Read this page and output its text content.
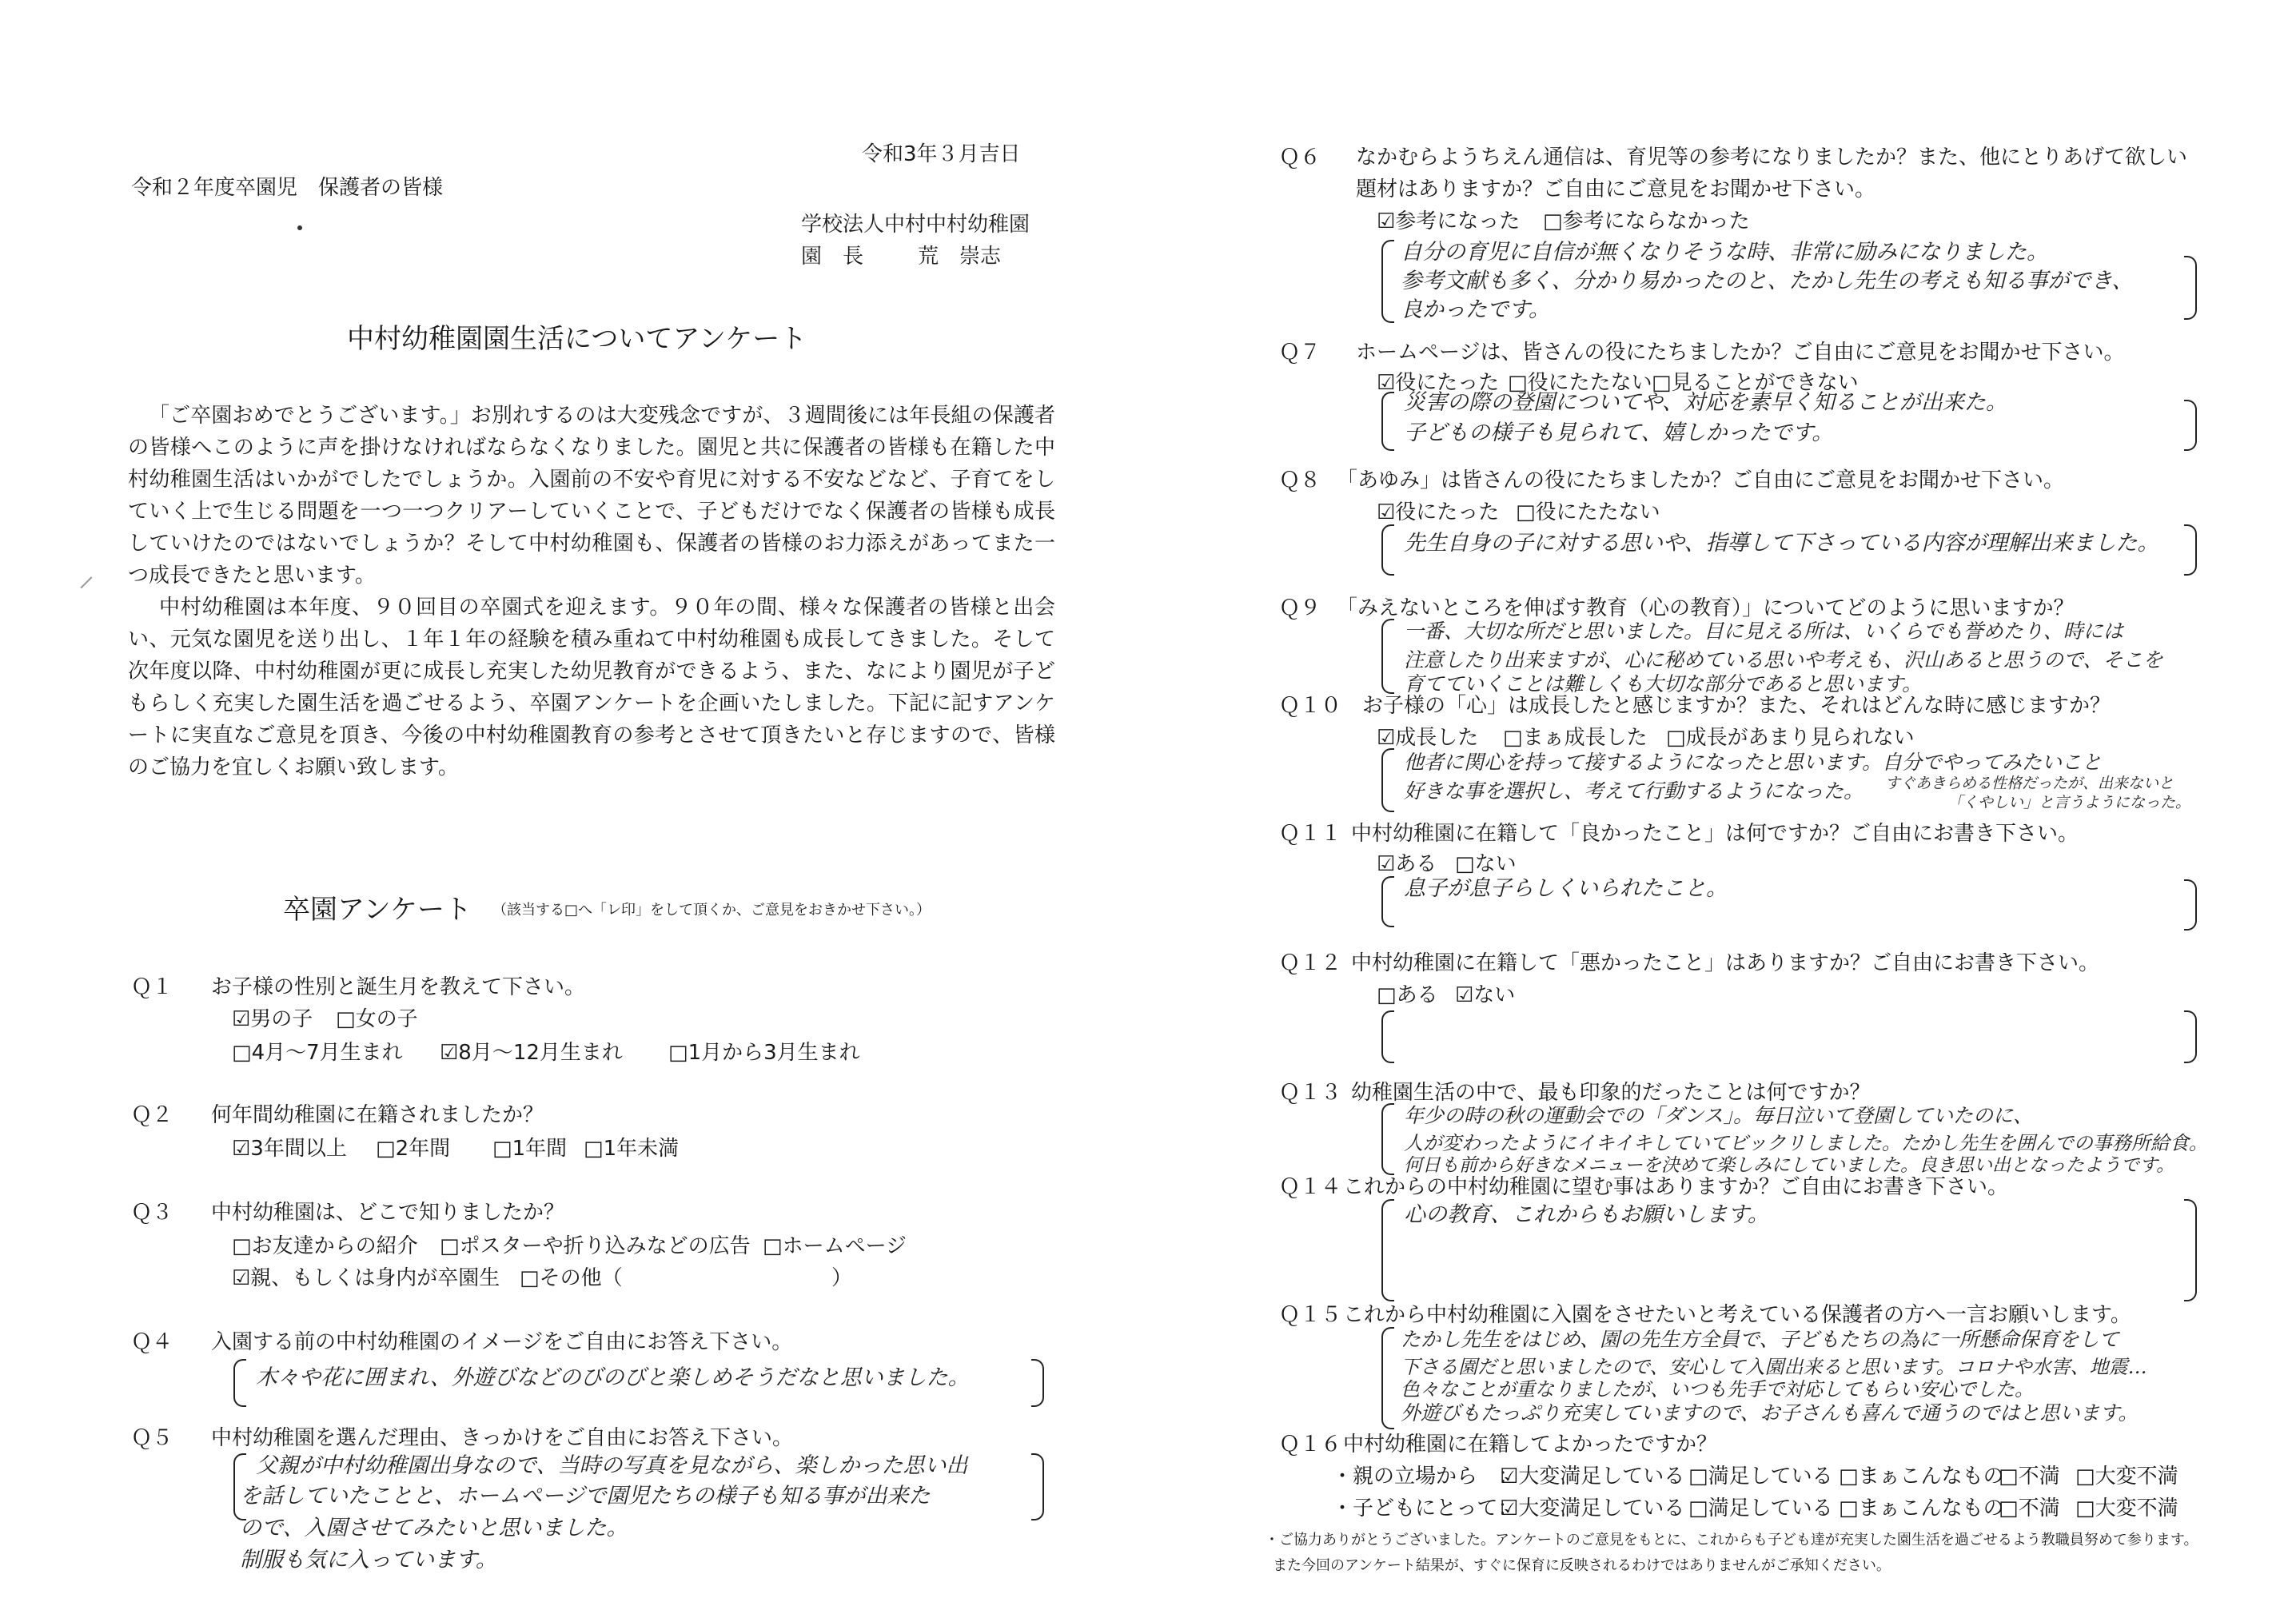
令和3年３月吉日
令和２年度卒園児　保護者の皆様
学校法人中村中村幼稚園
園　長	荒　崇志
中村幼稚園園生活についてアンケート
「ご卒園おめでとうございます。」お別れするのは大変残念ですが、３週間後には年長組の保護者の皆様へこのように声を掛けなければならなくなりました。園児と共に保護者の皆様も在籍した中村幼稚園生活はいかがでしたでしょうか。入園前の不安や育児に対する不安などなど、子育てをしていく上で生じる問題を一つ一つクリアーしていくことで、子どもだけでなく保護者の皆様も成長していけたのではないでしょうか？そして中村幼稚園も、保護者の皆様のお力添えがあってまた一つ成長できたと思います。
中村幼稚園は本年度、９０回目の卒園式を迎えます。９０年の間、様々な保護者の皆様と出会い、元気な園児を送り出し、１年１年の経験を積み重ねて中村幼稚園も成長してきました。そして次年度以降、中村幼稚園が更に成長し充実した幼児教育ができるよう、また、なにより園児が子どもらしく充実した園生活を過ごせるよう、卒園アンケートを企画いたしました。下記に記すアンケートに実直なご意見を頂き、今後の中村幼稚園教育の参考とさせて頂きたいと存じますので、皆様のご協力を宜しくお願い致します。
卒園アンケート （該当する□へ「レ印」をして頂くか、ご意見をおきかせ下さい。）
Ｑ１ お子様の性別と誕生月を教えて下さい。
☑男の子 □女の子
□4月～7月生まれ ☑8月～12月生まれ □1月から3月生まれ
Ｑ２ 何年間幼稚園に在籍されましたか？
☑3年間以上 □2年間 □1年間 □1年未満
Ｑ３ 中村幼稚園は、どこで知りましたか？
□お友達からの紹介 □ポスターや折り込みなどの広告 □ホームページ
☑親、もしくは身内が卒園生 □その他（	）
Ｑ４ 入園する前の中村幼稚園のイメージをご自由にお答え下さい。
木々や花に囲まれ、外遊びなどのびのびと楽しめそうだなと思いました。
Ｑ５ 中村幼稚園を選んだ理由、きっかけをご自由にお答え下さい。
父親が中村幼稚園出身なので、当時の写真を見ながら、楽しかった思い出
を話していたことと、ホームページで園児たちの様子も知る事が出来た
ので、入園させてみたいと思いました。
制服も気に入っています。
⸝
Ｑ６ なかむらようちえん通信は、育児等の参考になりましたか？また、他にとりあげて欲しい
題材はありますか？ご自由にご意見をお聞かせ下さい。
☑参考になった □参考にならなかった
自分の育児に自信が無くなりそうな時、非常に励みになりました。
参考文献も多く、分かり易かったのと、たかし先生の考えも知る事ができ、
良かったです。
Ｑ７ ホームページは、皆さんの役にたちましたか？ご自由にご意見をお聞かせ下さい。
☑役にたった □役にたたない □見ることができない
災害の際の登園についてや、対応を素早く知ることが出来た。
子どもの様子も見られて、嬉しかったです。
Ｑ８ 「あゆみ」は皆さんの役にたちましたか？ご自由にご意見をお聞かせ下さい。
☑役にたった □役にたたない
先生自身の子に対する思いや、指導して下さっている内容が理解出来ました。
Ｑ９ 「みえないところを伸ばす教育（心の教育）」についてどのように思いますか？
一番、大切な所だと思いました。目に見える所は、いくらでも誉めたり、時には
注意したり出来ますが、心に秘めている思いや考えも、沢山あると思うので、そこを
育てていくことは難しくも大切な部分であると思います。
Ｑ１０ お子様の「心」は成長したと感じますか？また、それはどんな時に感じますか？
☑成長した □まぁ成長した □成長があまり見られない
他者に関心を持って接するようになったと思います。自分でやってみたいこと
好きな事を選択し、考えて行動するようになった。 すぐあきらめる性格だったが、出来ないと
「くやしい」と言うようになった。
Ｑ１１ 中村幼稚園に在籍して「良かったこと」は何ですか？ご自由にお書き下さい。
☑ある □ない
息子が息子らしくいられたこと。
Ｑ１２ 中村幼稚園に在籍して「悪かったこと」はありますか？ご自由にお書き下さい。
□ある ☑ない
Ｑ１３ 幼稚園生活の中で、最も印象的だったことは何ですか？
年少の時の秋の運動会での「ダンス」。毎日泣いて登園していたのに、
人が変わったようにイキイキしていてビックリしました。たかし先生を囲んでの事務所給食。
何日も前から好きなメニューを決めて楽しみにしていました。良き思い出となったようです。
Ｑ１４ これからの中村幼稚園に望む事はありますか？ご自由にお書き下さい。
心の教育、これからもお願いします。
Ｑ１５ これから中村幼稚園に入園をさせたいと考えている保護者の方へ一言お願いします。
たかし先生をはじめ、園の先生方全員で、子どもたちの為に一所懸命保育をして
下さる園だと思いましたので、安心して入園出来ると思います。コロナや水害、地震…
色々なことが重なりましたが、いつも先手で対応してもらい安心でした。
外遊びもたっぷり充実していますので、お子さんも喜んで通うのではと思います。
Ｑ１６ 中村幼稚園に在籍してよかったですか？
・親の立場から　：
☑大変満足している □満足している □まぁこんなもの
□不満 □大変不満
・子どもにとって：
☑大変満足している □満足している □まぁこんなもの
□不満 □大変不満
・ご協力ありがとうございました。アンケートのご意見をもとに、これからも子ども達が充実した園生活を過ごせるよう教職員努めて参ります。
また今回のアンケート結果が、すぐに保育に反映されるわけではありませんがご承知ください。
